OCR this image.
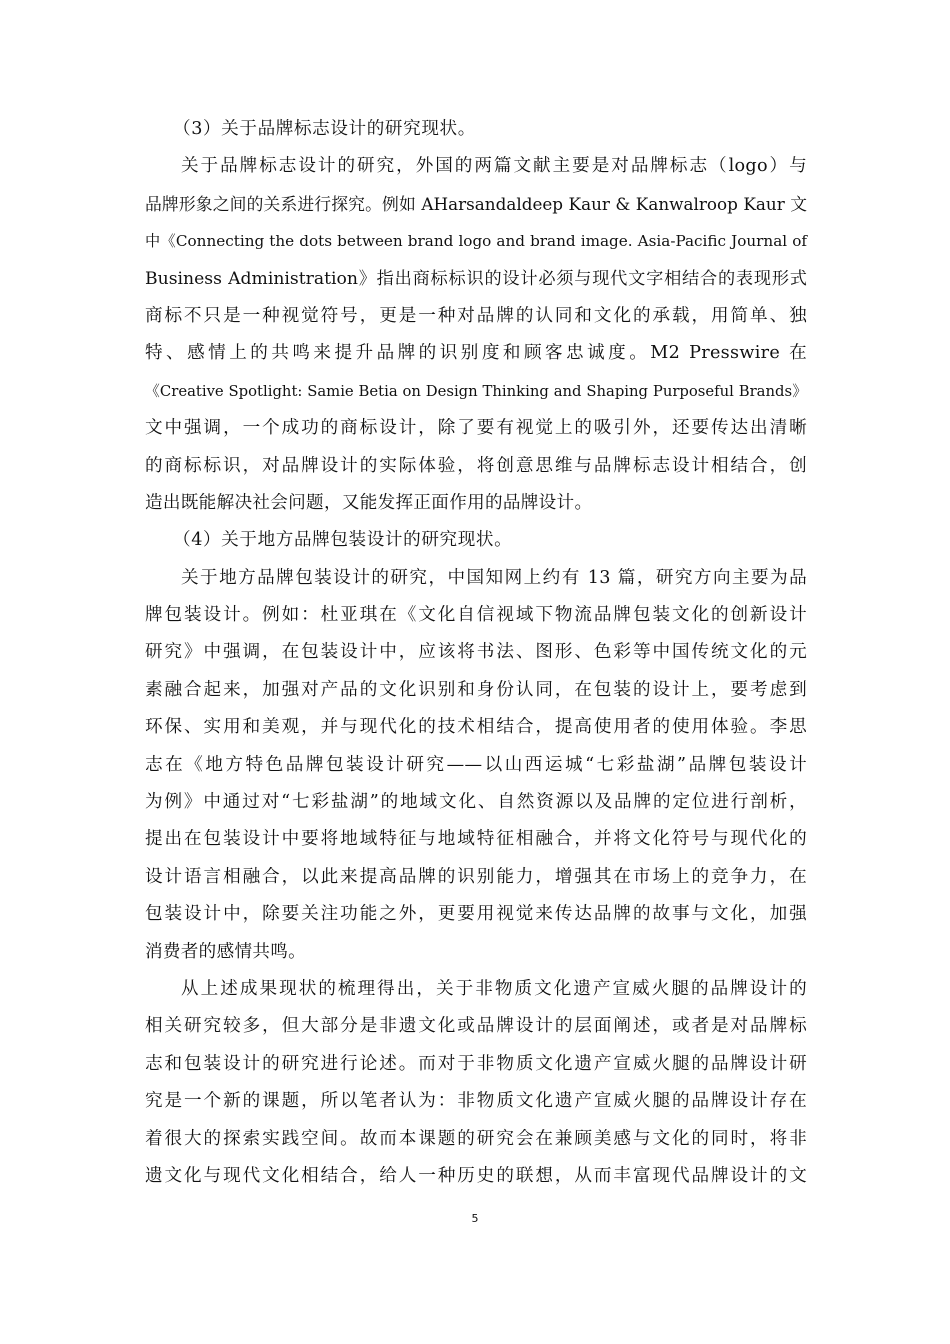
（3）关于品牌标志设计的研究现状。
关于品牌标志设计的研究，外国的两篇文献主要是对品牌标志（logo）与
品牌形象之间的关系进行探究。例如 AHarsandaldeep Kaur & Kanwalroop Kaur 文
中《Connecting the dots between brand logo and brand image. Asia-Pacific Journal of
Business Administration》指出商标标识的设计必须与现代文字相结合的表现形式
商标不只是一种视觉符号，更是一种对品牌的认同和文化的承载，用简单、独
特、感情上的共鸣来提升品牌的识别度和顾客忠诚度。M2 Presswire 在
《Creative Spotlight: Samie Betia on Design Thinking and Shaping Purposeful Brands》
文中强调，一个成功的商标设计，除了要有视觉上的吸引外，还要传达出清晰
的商标标识，对品牌设计的实际体验，将创意思维与品牌标志设计相结合，创
造出既能解决社会问题，又能发挥正面作用的品牌设计。
（4）关于地方品牌包装设计的研究现状。
关于地方品牌包装设计的研究，中国知网上约有 13 篇，研究方向主要为品
牌包装设计。例如：杜亚琪在《文化自信视域下物流品牌包装文化的创新设计
研究》中强调，在包装设计中，应该将书法、图形、色彩等中国传统文化的元
素融合起来，加强对产品的文化识别和身份认同，在包装的设计上，要考虑到
环保、实用和美观，并与现代化的技术相结合，提高使用者的使用体验。李思
志在《地方特色品牌包装设计研究——以山西运城“七彩盐湖”品牌包装设计
为例》中通过对“七彩盐湖”的地域文化、自然资源以及品牌的定位进行剖析，
提出在包装设计中要将地域特征与地域特征相融合，并将文化符号与现代化的
设计语言相融合，以此来提高品牌的识别能力，增强其在市场上的竞争力，在
包装设计中，除要关注功能之外，更要用视觉来传达品牌的故事与文化，加强
消费者的感情共鸣。
从上述成果现状的梳理得出，关于非物质文化遗产宣威火腿的品牌设计的
相关研究较多，但大部分是非遗文化或品牌设计的层面阐述，或者是对品牌标
志和包装设计的研究进行论述。而对于非物质文化遗产宣威火腿的品牌设计研
究是一个新的课题，所以笔者认为：非物质文化遗产宣威火腿的品牌设计存在
着很大的探索实践空间。故而本课题的研究会在兼顾美感与文化的同时，将非
遗文化与现代文化相结合，给人一种历史的联想，从而丰富现代品牌设计的文
5
